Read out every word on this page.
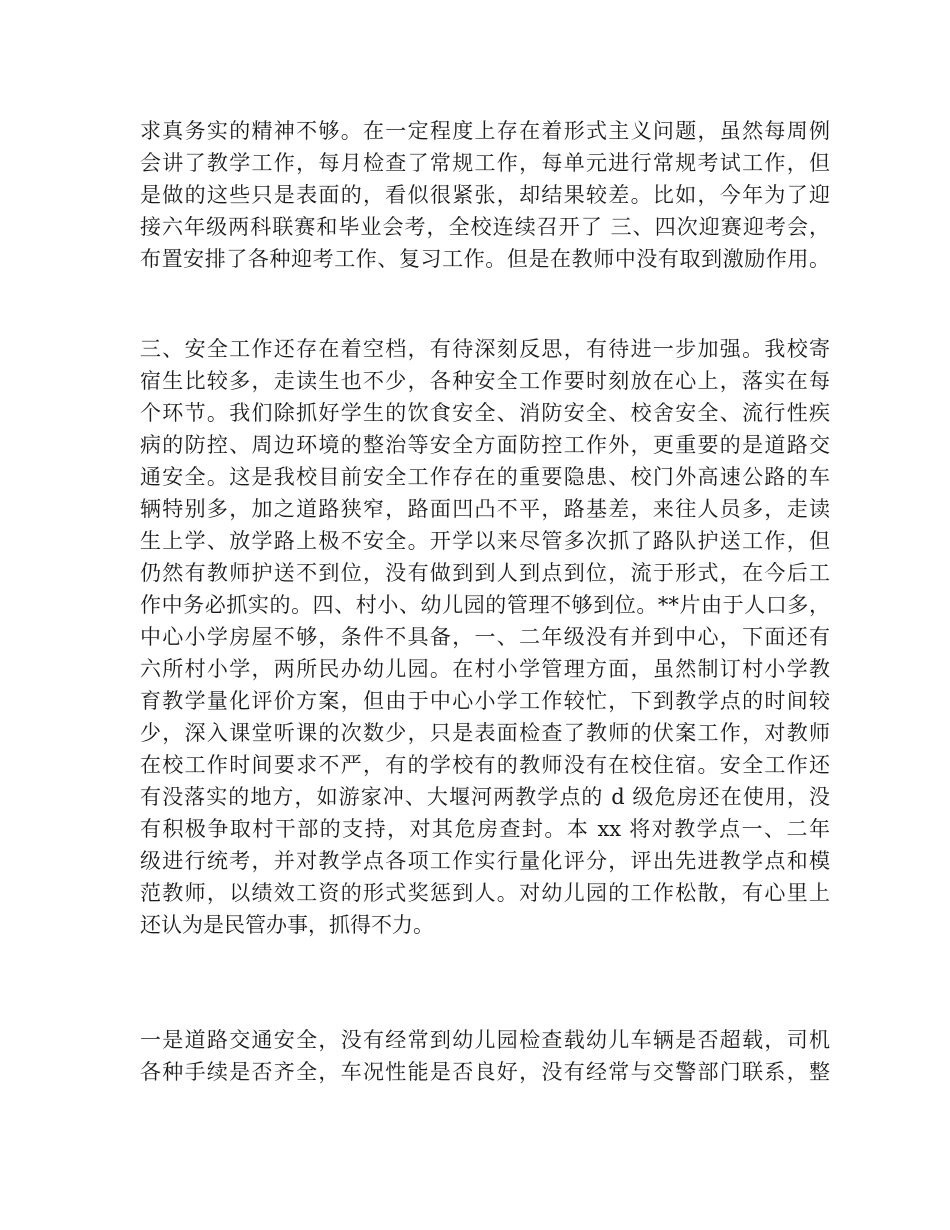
求真务实的精神不够。在一定程度上存在着形式主义问题，虽然每周例
会讲了教学工作，每月检查了常规工作，每单元进行常规考试工作，但
是做的这些只是表面的，看似很紧张，却结果较差。比如，今年为了迎
接六年级两科联赛和毕业会考，全校连续召开了 三、四次迎赛迎考会，
布置安排了各种迎考工作、复习工作。但是在教师中没有取到激励作用。
三、安全工作还存在着空档，有待深刻反思，有待进一步加强。我校寄
宿生比较多，走读生也不少，各种安全工作要时刻放在心上，落实在每
个环节。我们除抓好学生的饮食安全、消防安全、校舍安全、流行性疾
病的防控、周边环境的整治等安全方面防控工作外，更重要的是道路交
通安全。这是我校目前安全工作存在的重要隐患、校门外高速公路的车
辆特别多，加之道路狭窄，路面凹凸不平，路基差，来往人员多，走读
生上学、放学路上极不安全。开学以来尽管多次抓了路队护送工作，但
仍然有教师护送不到位，没有做到到人到点到位，流于形式，在今后工
作中务必抓实的。四、村小、幼儿园的管理不够到位。**片由于人口多，
中心小学房屋不够，条件不具备，一、二年级没有并到中心，下面还有
六所村小学，两所民办幼儿园。在村小学管理方面，虽然制订村小学教
育教学量化评价方案，但由于中心小学工作较忙，下到教学点的时间较
少，深入课堂听课的次数少，只是表面检查了教师的伏案工作，对教师
在校工作时间要求不严，有的学校有的教师没有在校住宿。安全工作还
有没落实的地方，如游家冲、大堰河两教学点的 d 级危房还在使用，没
有积极争取村干部的支持，对其危房查封。本 xx 将对教学点一、二年
级进行统考，并对教学点各项工作实行量化评分，评出先进教学点和模
范教师，以绩效工资的形式奖惩到人。对幼儿园的工作松散，有心里上
还认为是民管办事，抓得不力。
一是道路交通安全，没有经常到幼儿园检查载幼儿车辆是否超载，司机
各种手续是否齐全，车况性能是否良好，没有经常与交警部门联系，整
